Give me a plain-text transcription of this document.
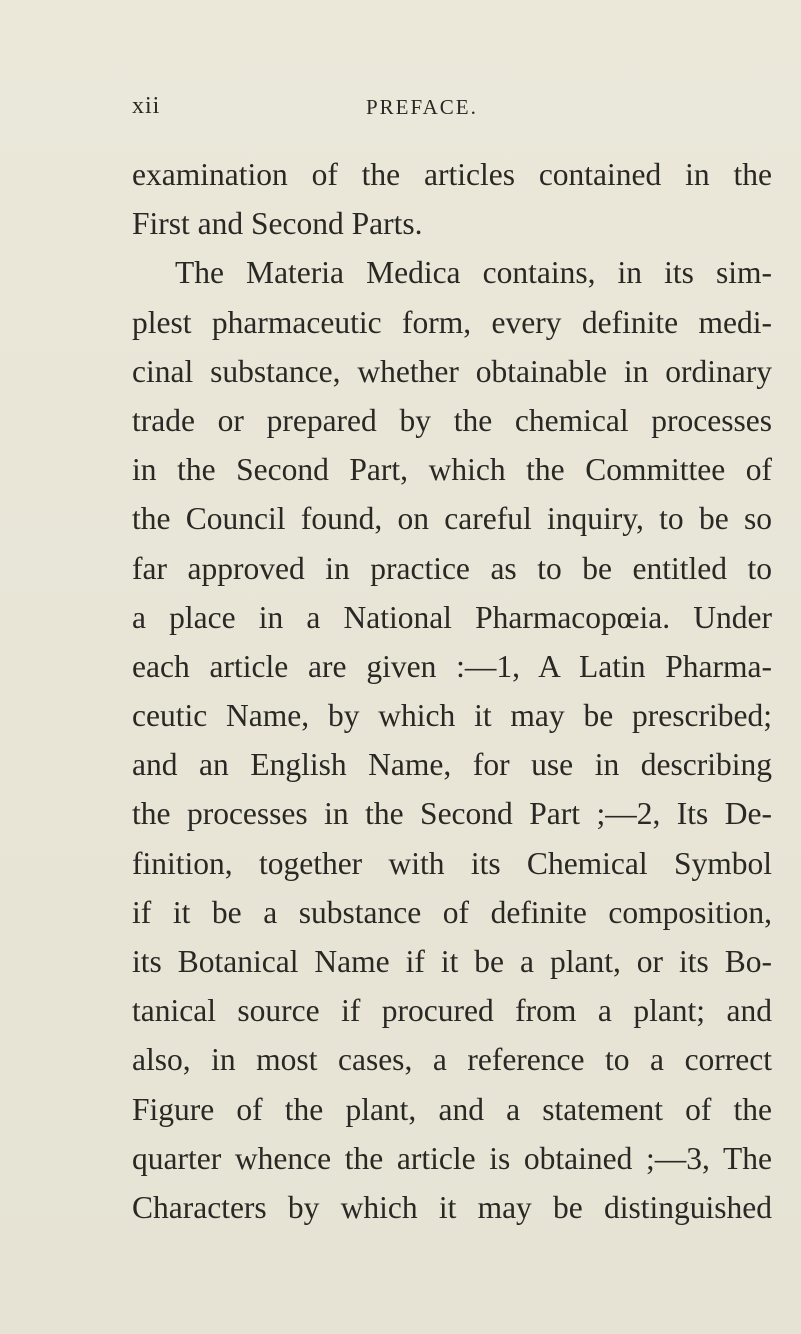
xii	PREFACE.
examination of the articles contained in the
First and Second Parts.
The Materia Medica contains, in its sim-
plest pharmaceutic form, every definite medi-
cinal substance, whether obtainable in ordinary
trade or prepared by the chemical processes
in the Second Part, which the Committee of
the Council found, on careful inquiry, to be so
far approved in practice as to be entitled to
a place in a National Pharmacopœia. Under
each article are given :—1, A Latin Pharma-
ceutic Name, by which it may be prescribed;
and an English Name, for use in describing
the processes in the Second Part ;—2, Its De-
finition, together with its Chemical Symbol
if it be a substance of definite composition,
its Botanical Name if it be a plant, or its Bo-
tanical source if procured from a plant; and
also, in most cases, a reference to a correct
Figure of the plant, and a statement of the
quarter whence the article is obtained ;—3, The
Characters by which it may be distinguished
